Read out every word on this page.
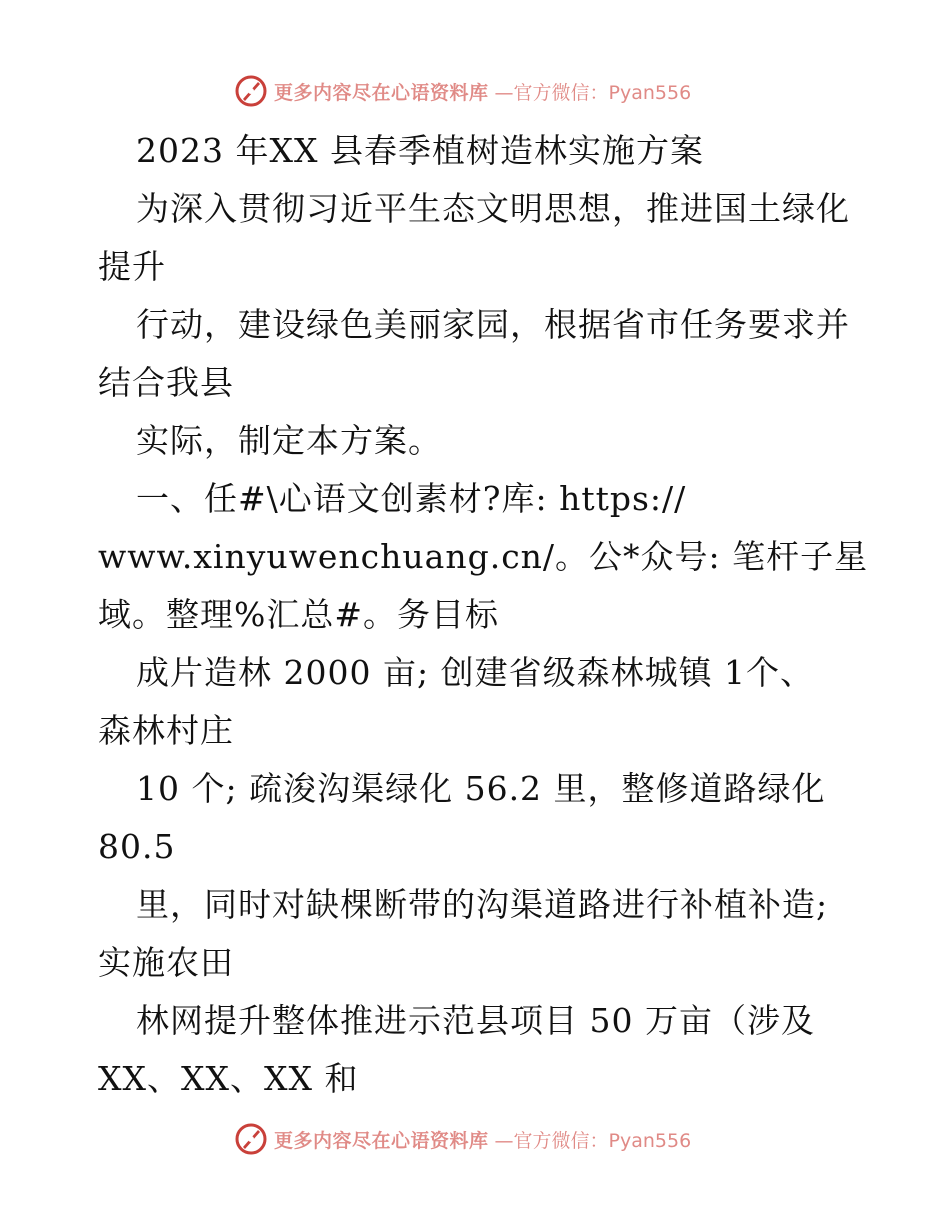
更多内容尽在心语资料库 —官方微信：Pyan556
2023 年XX 县春季植树造林实施方案
为深入贯彻习近平生态文明思想，推进国土绿化
提升
行动，建设绿色美丽家园，根据省市任务要求并
结合我县
实际，制定本方案。
一、任#\心语文创素材?库: https://
www.xinyuwenchuang.cn/。公*众号: 笔杆子星
域。整理%汇总#。务目标
成片造林 2000 亩; 创建省级森林城镇 1个、
森林村庄
10 个; 疏浚沟渠绿化 56.2 里，整修道路绿化
80.5
里，同时对缺棵断带的沟渠道路进行补植补造;
实施农田
林网提升整体推进示范县项目 50 万亩（涉及
XX、XX、XX 和
更多内容尽在心语资料库 —官方微信：Pyan556
